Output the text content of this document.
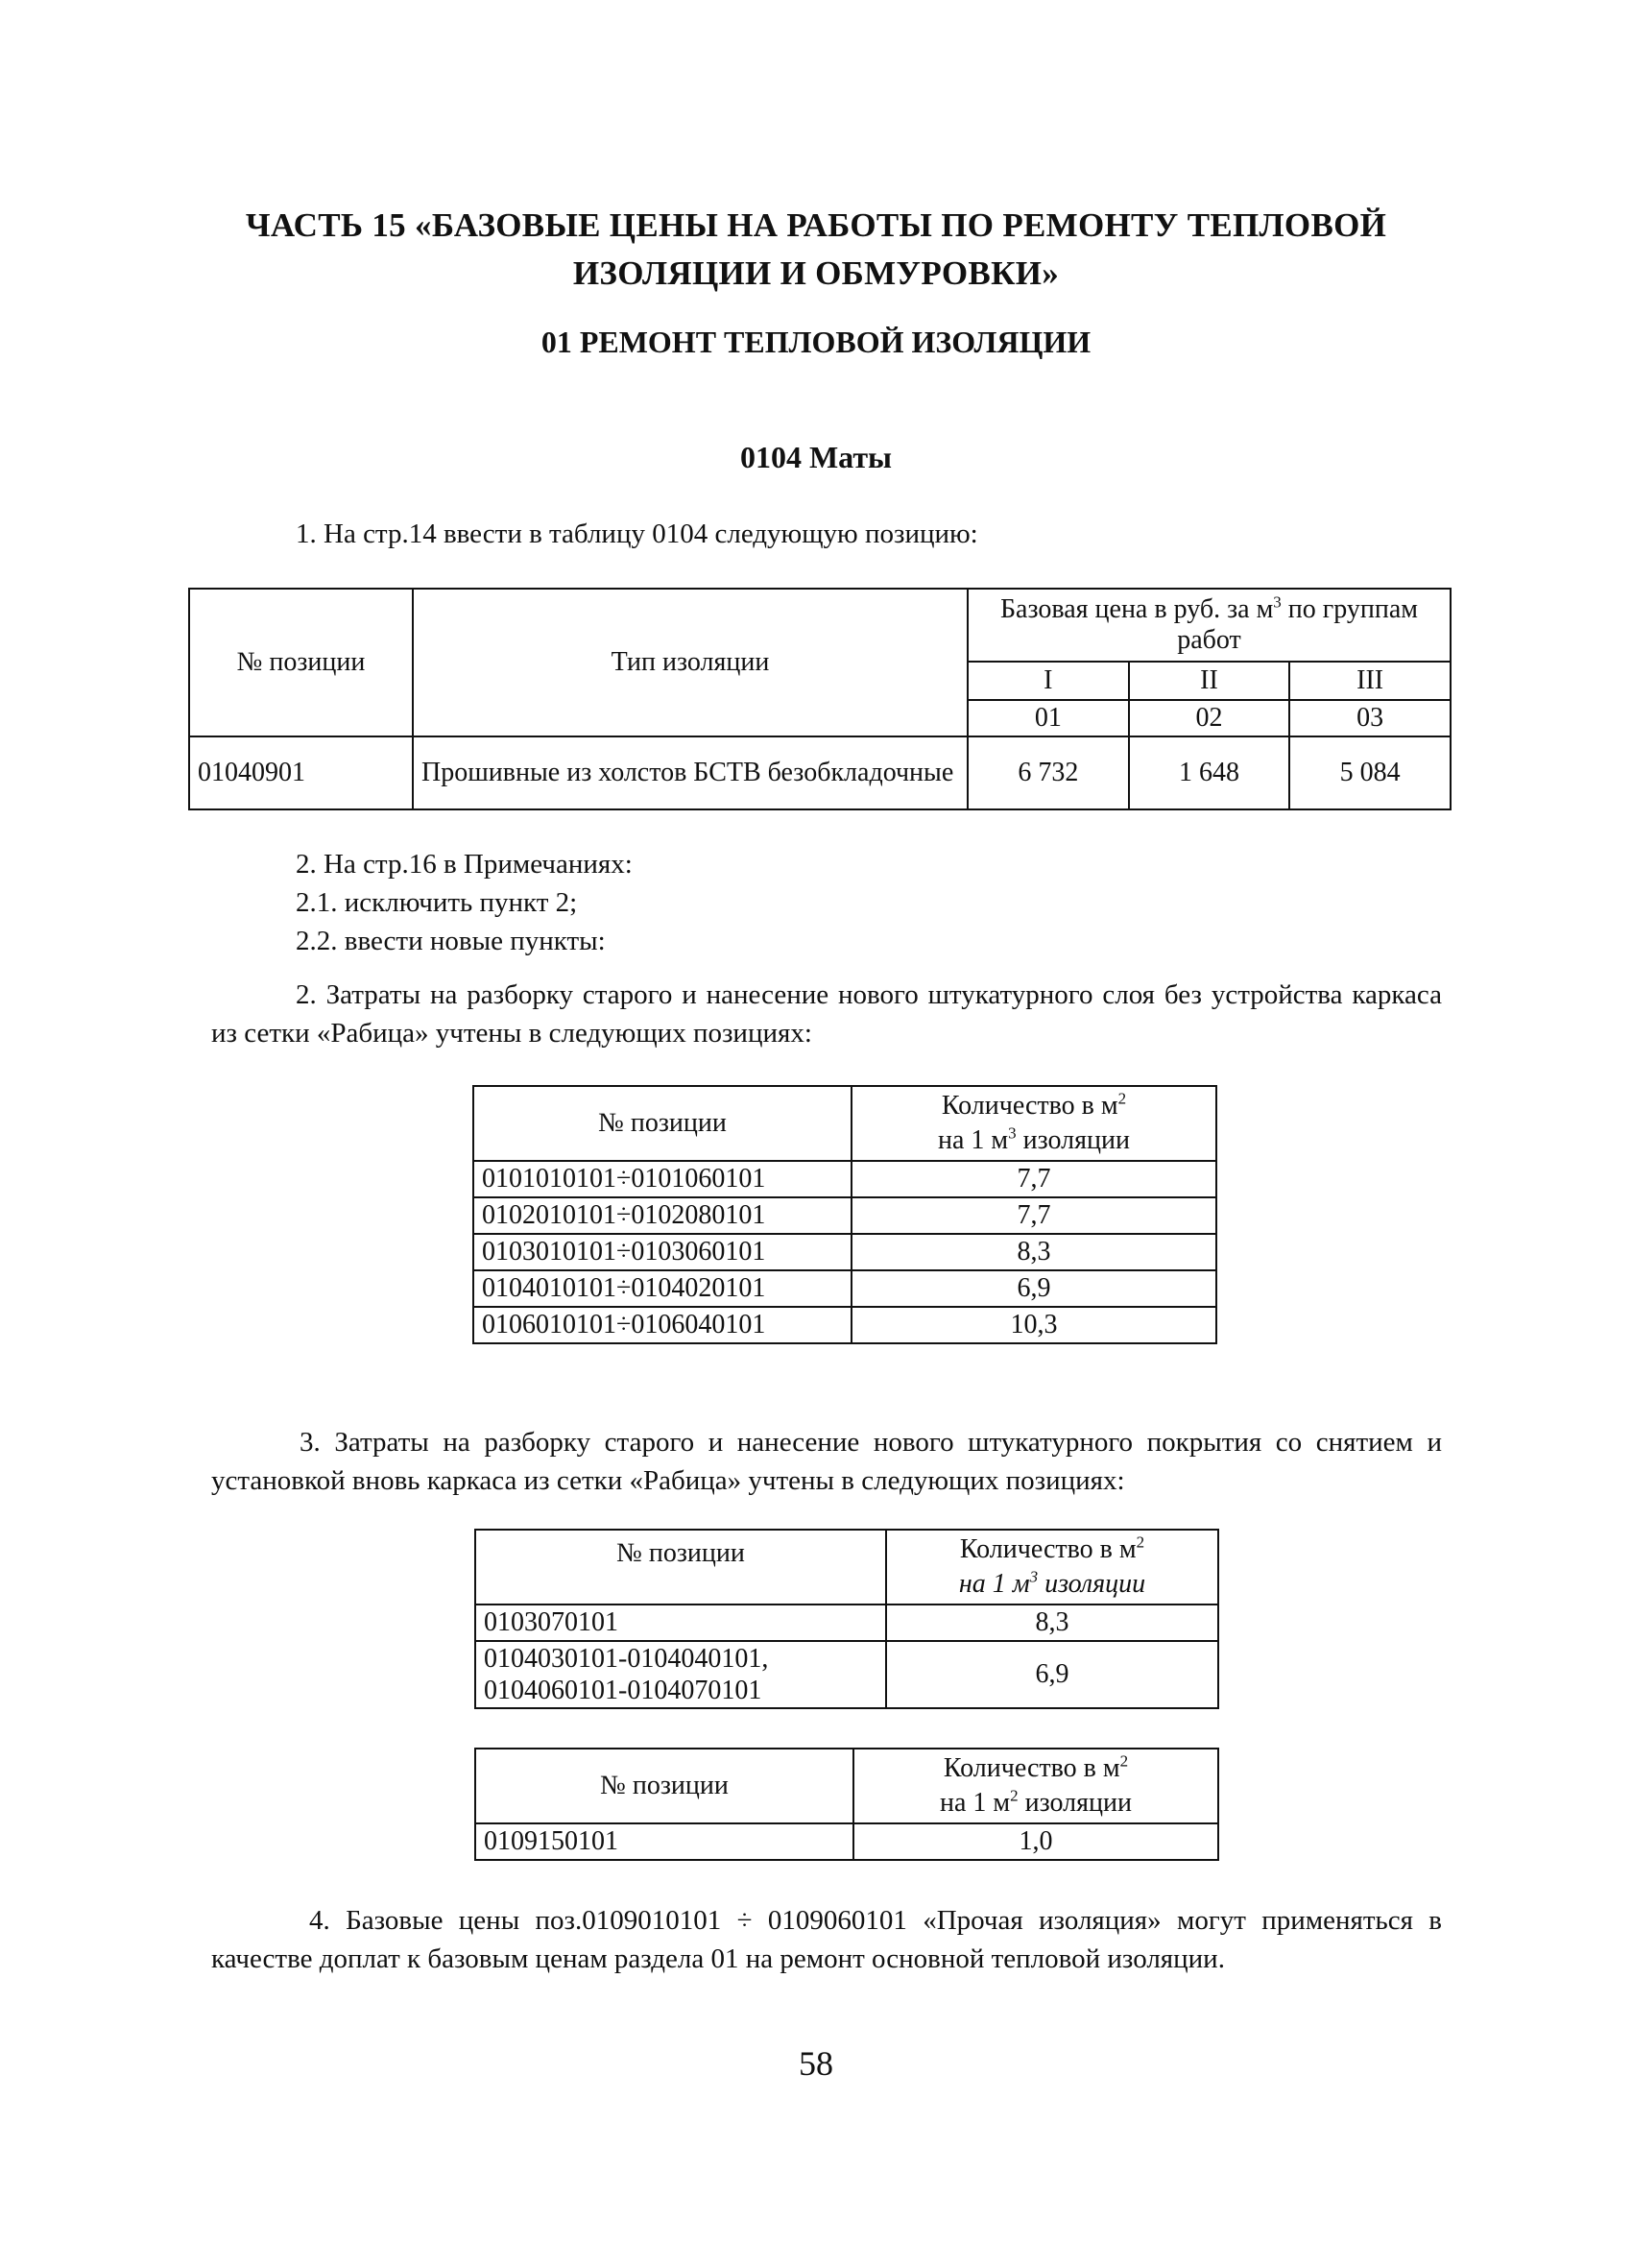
ЧАСТЬ 15 «БАЗОВЫЕ ЦЕНЫ НА РАБОТЫ ПО РЕМОНТУ ТЕПЛОВОЙ
ИЗОЛЯЦИИ И ОБМУРОВКИ»
01 РЕМОНТ ТЕПЛОВОЙ ИЗОЛЯЦИИ
0104 Маты
1. На стр.14 ввести в таблицу 0104 следующую позицию:
№ позиции	Тип изоляции	Базовая цена в руб. за $м^3$ по группам работ		
		I	II	III
		01	02	03
01040901	Прошивные из холстов БСТВ безобкладочные	6 732	1 648	5 084
2. На стр.16 в Примечаниях:
2.1. исключить пункт 2;
2.2. ввести новые пункты:
2. Затраты на разборку старого и нанесение нового штукатурного слоя без устройства каркаса из сетки «Рабица» учтены в следующих позициях:
№ позиции	Количество в $м^2$
на 1 $м^3$ изоляции

0101010101÷0101060101	7,7
0102010101÷0102080101	7,7
0103010101÷0103060101	8,3
0104010101÷0104020101	6,9
0106010101÷0106040101	10,3
3. Затраты на разборку старого и нанесение нового штукатурного покрытия со снятием и установкой вновь каркаса из сетки «Рабица» учтены в следующих позициях:
№ позиции	Количество в $м^2$
на 1 $м^3$ изоляции

0103070101	8,3

0104030101-0104040101,
0104060101-0104070101	6,9
№ позиции	Количество в $м^2$
на 1 $м^2$ изоляции

0109150101	1,0
4. Базовые цены поз.0109010101 ÷ 0109060101 «Прочая изоляция» могут применяться в качестве доплат к базовым ценам раздела 01 на ремонт основной тепловой изоляции.
58
